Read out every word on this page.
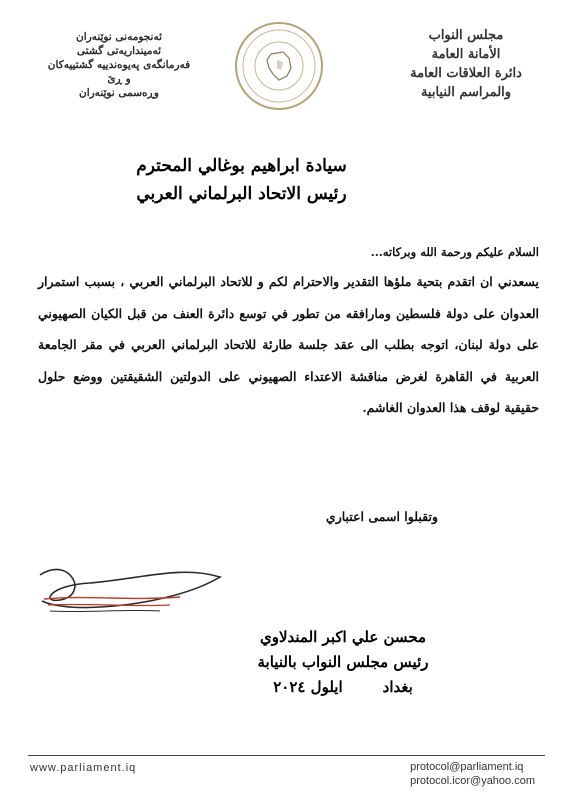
ئەنجومەنی نوێنەران
ئەمینداریەتی گشتی
فەرمانگەی پەیوەندییە گشتییەکان و ڕێ
وڕەسمی نوێنەران
مجلس النواب
الأمانة العامة
دائرة العلاقات العامة
والمراسم النيابية
سيادة ابراهيم بوغالي المحترم
رئيس الاتحاد البرلماني العربي
السلام عليكم ورحمة الله وبركاته...
يسعدني ان اتقدم بتحية ملؤها التقدير والاحترام لكم و للاتحاد البرلماني العربي ، بسبب استمرار العدوان على دولة فلسطين ومارافقه من تطور في توسع دائرة العنف من قبل الكيان الصهيوني على دولة لبنان، اتوجه بطلب الى عقد جلسة طارئة للاتحاد البرلماني العربي في مقر الجامعة العربية في القاهرة لغرض مناقشة الاعتداء الصهيوني على الدولتين الشقيقتين ووضع حلول حقيقية لوقف هذا العدوان الغاشم.
وتقبلوا اسمى اعتباري
محسن علي اكبر المندلاوي
رئيس مجلس النواب بالنيابة
بغداد
ايلول ٢٠٢٤
www.parliament.iq	protocol@parliament.iq
protocol.icor@yahoo.com
